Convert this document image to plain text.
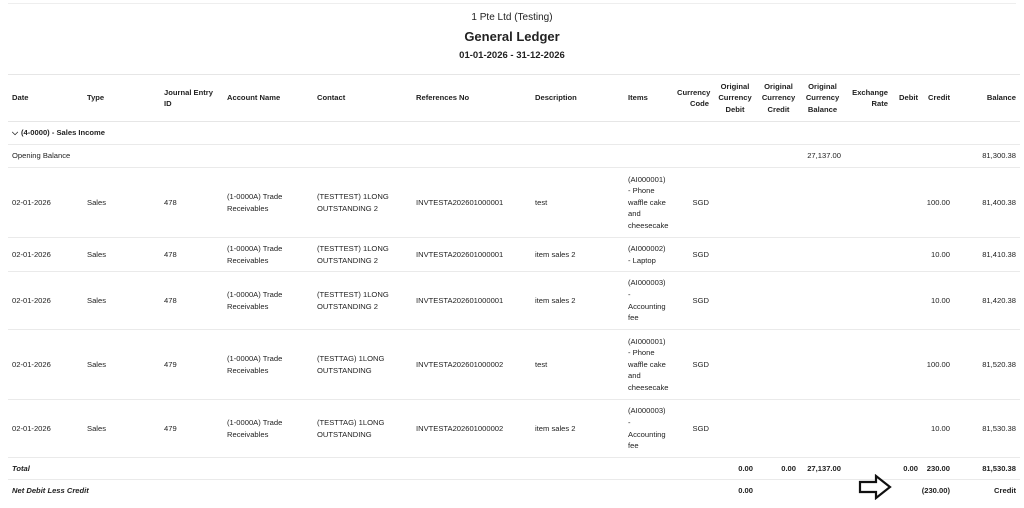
1 Pte Ltd (Testing)
General Ledger
01-01-2026 - 31-12-2026
Date	Type	Journal Entry ID	Account Name	Contact	References No	Description	Items	Currency Code	Original Currency Debit	Original Currency Credit	Original Currency Balance	Exchange Rate	Debit	Credit	Balance
⌵ (4-0000) - Sales Income															
Opening Balance											27,137.00				81,300.38
02-01-2026	Sales	478	(1-0000A) Trade Receivables	(TESTTEST) 1LONG OUTSTANDING 2	INVTESTA202601000001	test	(AI000001) - Phone waffle cake and cheesecake	SGD						100.00	81,400.38
02-01-2026	Sales	478	(1-0000A) Trade Receivables	(TESTTEST) 1LONG OUTSTANDING 2	INVTESTA202601000001	item sales 2	(AI000002) - Laptop	SGD						10.00	81,410.38
02-01-2026	Sales	478	(1-0000A) Trade Receivables	(TESTTEST) 1LONG OUTSTANDING 2	INVTESTA202601000001	item sales 2	(AI000003) - Accounting fee	SGD						10.00	81,420.38
02-01-2026	Sales	479	(1-0000A) Trade Receivables	(TESTTAG) 1LONG OUTSTANDING	INVTESTA202601000002	test	(AI000001) - Phone waffle cake and cheesecake	SGD						100.00	81,520.38
02-01-2026	Sales	479	(1-0000A) Trade Receivables	(TESTTAG) 1LONG OUTSTANDING	INVTESTA202601000002	item sales 2	(AI000003) - Accounting fee	SGD						10.00	81,530.38
Total									0.00	0.00	27,137.00		0.00	230.00	81,530.38
Net Debit Less Credit									0.00				(230.00)		Credit
